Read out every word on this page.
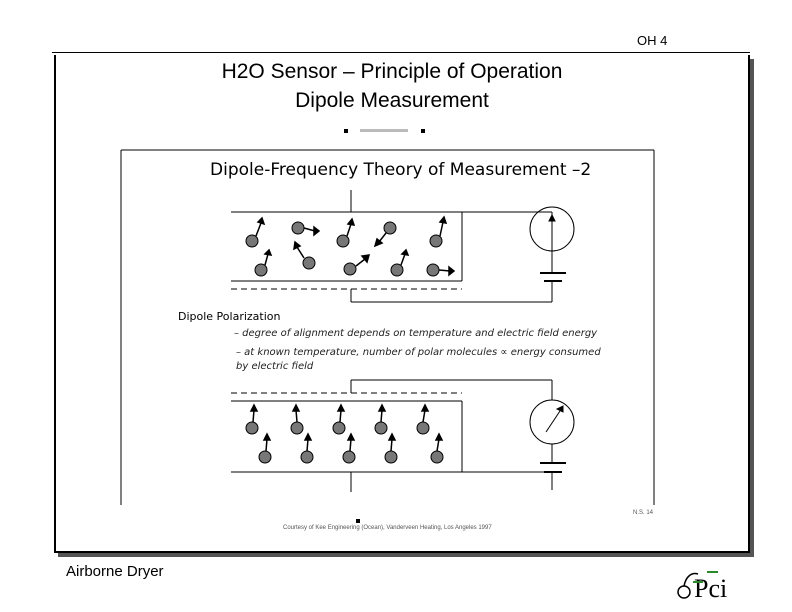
OH 4
H2O Sensor – Principle of Operation
Dipole Measurement
Dipole-Frequency Theory of Measurement –2
Dipole Polarization
– degree of alignment depends on temperature and electric field energy
– at known temperature, number of polar molecules ∝ energy consumed
by electric field
N.S. 14
Courtesy of Kee Engineering (Ocean), Vanderveen Heating, Los Angeles 1997
Airborne Dryer
Pci
